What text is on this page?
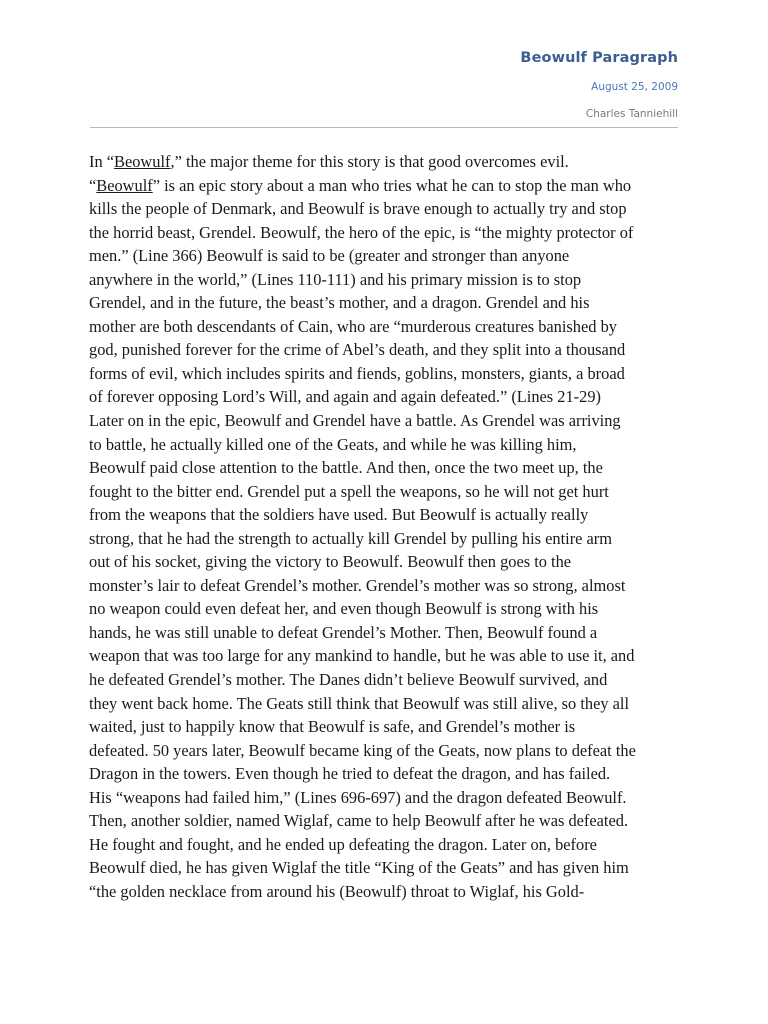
Beowulf Paragraph
August 25, 2009
Charles Tanniehill
In “Beowulf,” the major theme for this story is that good overcomes evil.
“Beowulf” is an epic story about a man who tries what he can to stop the man who
kills the people of Denmark, and Beowulf is brave enough to actually try and stop
the horrid beast, Grendel. Beowulf, the hero of the epic, is “the mighty protector of
men.” (Line 366) Beowulf is said to be (greater and stronger than anyone
anywhere in the world,” (Lines 110-111) and his primary mission is to stop
Grendel, and in the future, the beast’s mother, and a dragon. Grendel and his
mother are both descendants of Cain, who are “murderous creatures banished by
god, punished forever for the crime of Abel’s death, and they split into a thousand
forms of evil, which includes spirits and fiends, goblins, monsters, giants, a broad
of forever opposing Lord’s Will, and again and again defeated.” (Lines 21-29)
Later on in the epic, Beowulf and Grendel have a battle. As Grendel was arriving
to battle, he actually killed one of the Geats, and while he was killing him,
Beowulf paid close attention to the battle. And then, once the two meet up, the
fought to the bitter end. Grendel put a spell the weapons, so he will not get hurt
from the weapons that the soldiers have used. But Beowulf is actually really
strong, that he had the strength to actually kill Grendel by pulling his entire arm
out of his socket, giving the victory to Beowulf. Beowulf then goes to the
monster’s lair to defeat Grendel’s mother. Grendel’s mother was so strong, almost
no weapon could even defeat her, and even though Beowulf is strong with his
hands, he was still unable to defeat Grendel’s Mother. Then, Beowulf found a
weapon that was too large for any mankind to handle, but he was able to use it, and
he defeated Grendel’s mother. The Danes didn’t believe Beowulf survived, and
they went back home. The Geats still think that Beowulf was still alive, so they all
waited, just to happily know that Beowulf is safe, and Grendel’s mother is
defeated. 50 years later, Beowulf became king of the Geats, now plans to defeat the
Dragon in the towers. Even though he tried to defeat the dragon, and has failed.
His “weapons had failed him,” (Lines 696-697) and the dragon defeated Beowulf.
Then, another soldier, named Wiglaf, came to help Beowulf after he was defeated.
He fought and fought, and he ended up defeating the dragon. Later on, before
Beowulf died, he has given Wiglaf the title “King of the Geats” and has given him
“the golden necklace from around his (Beowulf) throat to Wiglaf, his Gold-
